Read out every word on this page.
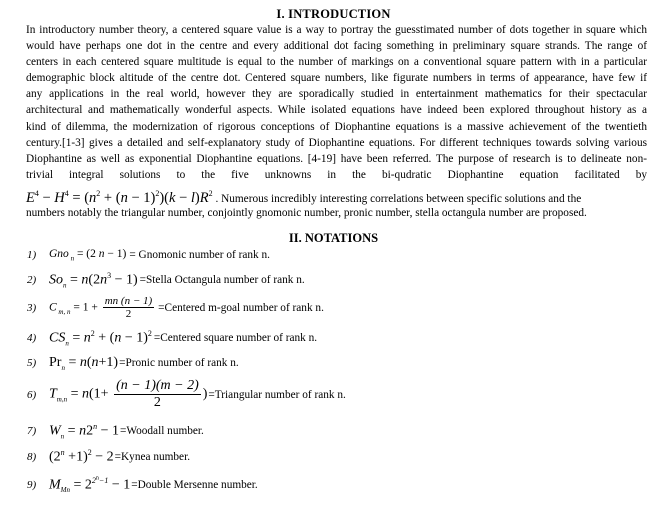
I. INTRODUCTION
In introductory number theory, a centered square value is a way to portray the guesstimated number of dots together in square which
would have perhaps one dot in the centre and every additional dot facing something in preliminary square strands. The range of
centers in each centered square multitude is equal to the number of markings on a conventional square pattern with in a particular
demographic block altitude of the centre dot. Centered square numbers, like figurate numbers in terms of appearance, have few if
any applications in the real world, however they are sporadically studied in entertainment mathematics for their spectacular
architectural and mathematically wonderful aspects. While isolated equations have indeed been explored throughout history as a
kind of dilemma, the modernization of rigorous conceptions of Diophantine equations is a massive achievement of the twentieth
century.[1-3] gives a detailed and self-explanatory study of Diophantine equations. For different techniques towards solving various
Diophantine as well as exponential Diophantine equations. [4-19] have been referred. The purpose of research is to delineate non-
trivial integral solutions to the five unknowns in the bi-qudratic Diophantine equation facilitated by
$E^4 - H^4 = (n^2 + (n - 1)^2)(k - l)R^2$ . Numerous incredibly interesting correlations between specific solutions and the
numbers notably the triangular number, conjointly gnomonic number, pronic number, stella octangula number are proposed.
II. NOTATIONS
1)	Gno $_n$ = (2 n − 1) = Gnomonic number of rank n.
2) $So_n = n(2n^3 - 1)$ =Stella Octangula number of rank n.
3)	C $_{m, n} = 1 + \frac{mn (n - 1)}{2}$ =Centered m-goal number of rank n.
4) $CS_n = n^2 + (n - 1)^2$ =Centered square number of rank n.
5) $Pr_n = n(n+1)$ =Pronic number of rank n.
6) $T_{m,n} = n(1+ \frac{(n - 1)(m - 2)}{2}$ ) =Triangular number of rank n.
7) $W_n = n2^n - 1$ =Woodall number.
8) $(2^n +1)^2 - 2$ =Kynea number.
9) $M_{Mn} = 2^{2^n-1} - 1$ =Double Mersenne number.
